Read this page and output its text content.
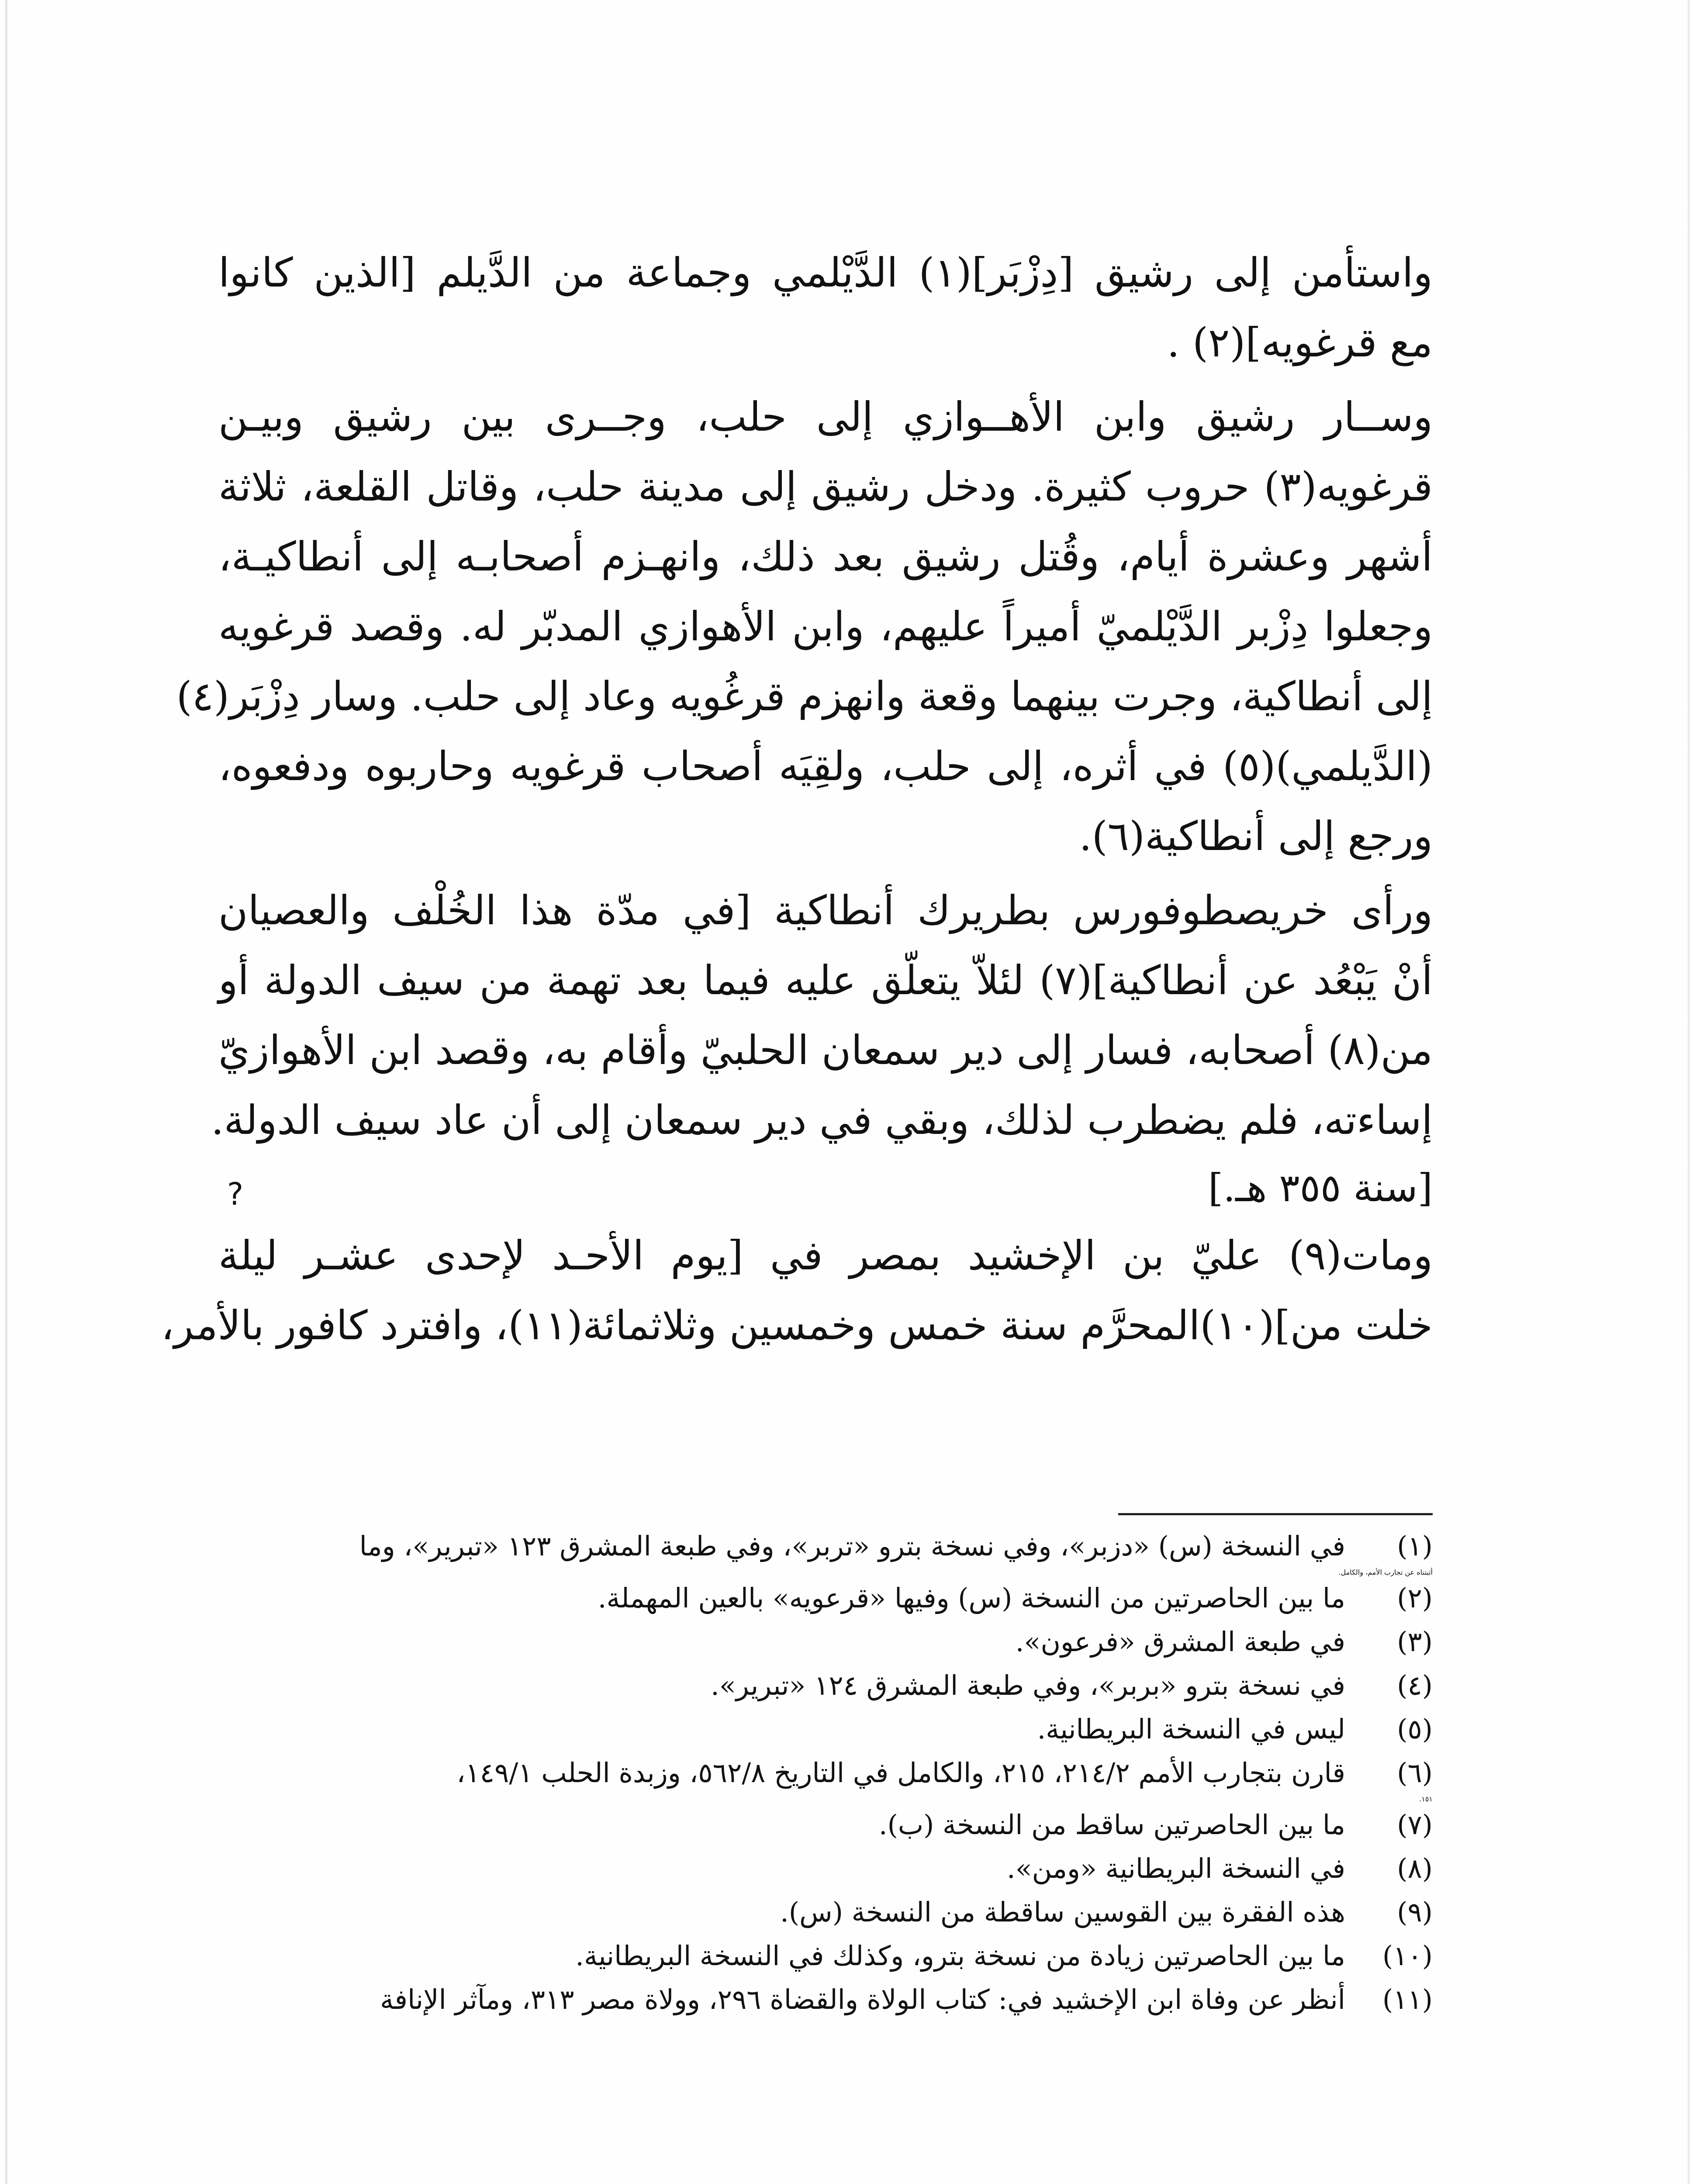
واستأمن إلى رشيق [دِزْبَر](١) الدَّيْلمي وجماعة من الدَّيلم [الذين كانوا
مع قرغويه](٢) .
وســار رشيق وابن الأهــوازي إلى حلب، وجــرى بين رشيق وبيـن
قرغويه(٣) حروب كثيرة. ودخل رشيق إلى مدينة حلب، وقاتل القلعة، ثلاثة
أشهر وعشرة أيام، وقُتل رشيق بعد ذلك، وانهـزم أصحابـه إلى أنطاكيـة،
وجعلوا دِزْبر الدَّيْلميّ أميراً عليهم، وابن الأهوازي المدبّر له. وقصد قرغويه
إلى أنطاكية، وجرت بينهما وقعة وانهزم قرغُويه وعاد إلى حلب. وسار دِزْبَر(٤)
(الدَّيلمي)(٥) في أثره، إلى حلب، ولقِيَه أصحاب قرغويه وحاربوه ودفعوه،
ورجع إلى أنطاكية(٦).
ورأى خريصطوفورس بطريرك أنطاكية [في مدّة هذا الخُلْف والعصيان
أنْ يَبْعُد عن أنطاكية](٧) لئلاّ يتعلّق عليه فيما بعد تهمة من سيف الدولة أو
من(٨) أصحابه، فسار إلى دير سمعان الحلبيّ وأقام به، وقصد ابن الأهوازيّ
إساءته، فلم يضطرب لذلك، وبقي في دير سمعان إلى أن عاد سيف الدولة.
[سنة ٣٥٥ هـ.]
?
ومات(٩) عليّ بن الإخشيد بمصر في [يوم الأحـد لإحدى عشـر ليلة
خلت من](١٠)المحرَّم سنة خمس وخمسين وثلاثمائة(١١)، وافترد كافور بالأمر،
(١)
في النسخة (س) «دزبر»، وفي نسخة بترو «تربر»، وفي طبعة المشرق ١٢٣ «تبرير»، وما
أثبتناه عن تجارب الأمم، والكامل.
(٢)
ما بين الحاصرتين من النسخة (س) وفيها «قرعويه» بالعين المهملة.
(٣)
في طبعة المشرق «فرعون».
(٤)
في نسخة بترو «بربر»، وفي طبعة المشرق ١٢٤ «تبرير».
(٥)
ليس في النسخة البريطانية.
(٦)
قارن بتجارب الأمم ٢١٤/٢، ٢١٥، والكامل في التاريخ ٥٦٢/٨، وزبدة الحلب ١٤٩/١،
١٥١.
(٧)
ما بين الحاصرتين ساقط من النسخة (ب).
(٨)
في النسخة البريطانية «ومن».
(٩)
هذه الفقرة بين القوسين ساقطة من النسخة (س).
(١٠)
ما بين الحاصرتين زيادة من نسخة بترو، وكذلك في النسخة البريطانية.
(١١)
أنظر عن وفاة ابن الإخشيد في: كتاب الولاة والقضاة ٢٩٦، وولاة مصر ٣١٣، ومآثر الإنافة
